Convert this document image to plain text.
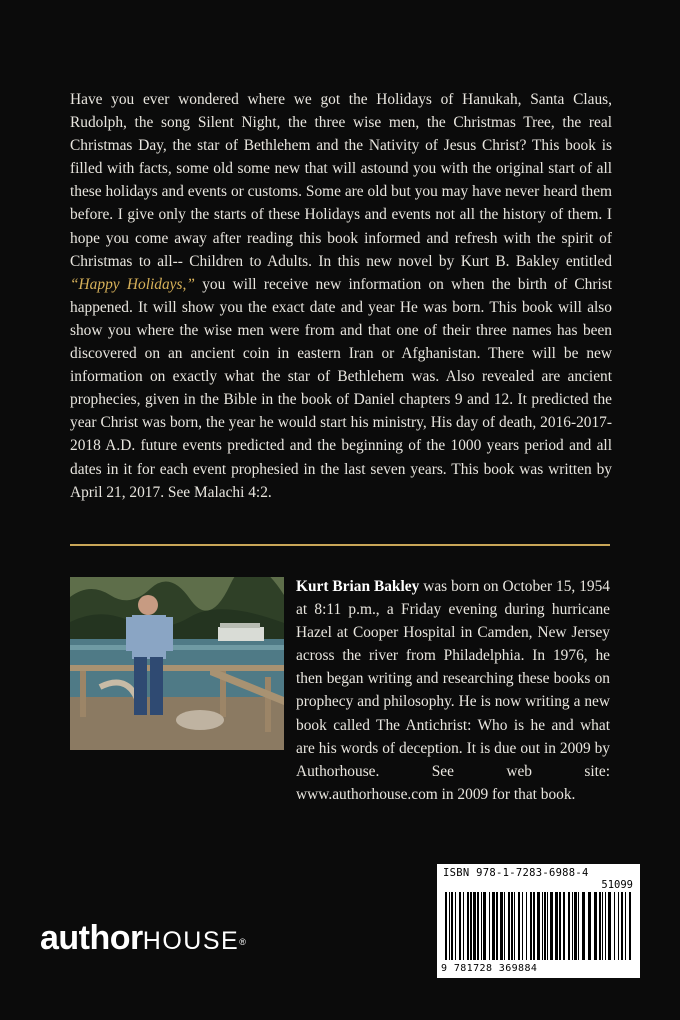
Have you ever wondered where we got the Holidays of Hanukah, Santa Claus, Rudolph, the song Silent Night, the three wise men, the Christmas Tree, the real Christmas Day, the star of Bethlehem and the Nativity of Jesus Christ? This book is filled with facts, some old some new that will astound you with the original start of all these holidays and events or customs. Some are old but you may have never heard them before. I give only the starts of these Holidays and events not all the history of them. I hope you come away after reading this book informed and refresh with the spirit of Christmas to all-- Children to Adults. In this new novel by Kurt B. Bakley entitled “Happy Holidays,” you will receive new information on when the birth of Christ happened. It will show you the exact date and year He was born. This book will also show you where the wise men were from and that one of their three names has been discovered on an ancient coin in eastern Iran or Afghanistan. There will be new information on exactly what the star of Bethlehem was. Also revealed are ancient prophecies, given in the Bible in the book of Daniel chapters 9 and 12. It predicted the year Christ was born, the year he would start his ministry, His day of death, 2016-2017-2018 A.D. future events predicted and the beginning of the 1000 years period and all dates in it for each event prophesied in the last seven years. This book was written by April 21, 2017. See Malachi 4:2.

Kurt Brian Bakley was born on October 15, 1954 at 8:11 p.m., a Friday evening during hurricane Hazel at Cooper Hospital in Camden, New Jersey across the river from Philadelphia. In 1976, he then began writing and researching these books on prophecy and philosophy. He is now writing a new book called The Antichrist: Who is he and what are his words of deception. It is due out in 2009 by Authorhouse. See web site: www.authorhouse.com in 2009 for that book.

ISBN 978-1-7283-6988-4
51099
9 781728 369884
authorHOUSE®
